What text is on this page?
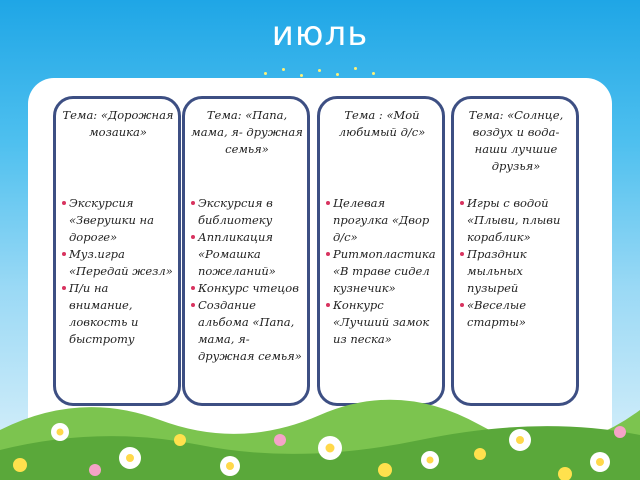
июль
Тема: «Дорожная мозаика»
Экскурсия «Зверушки на дороге»
Муз.игра «Передай жезл»
П/и на внимание, ловкость и быстроту
Тема: «Папа, мама, я- дружная семья»
Экскурсия в библиотеку
Аппликация «Ромашка пожеланий»
Конкурс чтецов
Создание альбома «Папа, мама, я- дружная семья»
Тема : «Мой любимый д/с»
Целевая прогулка «Двор д/с»
Ритмопластика «В траве сидел кузнечик»
Конкурс «Лучший замок из песка»
Тема: «Солнце, воздух и вода-наши лучшие друзья»
Игры с водой «Плыви, плыви кораблик»
Праздник мыльных пузырей
«Веселые старты»
